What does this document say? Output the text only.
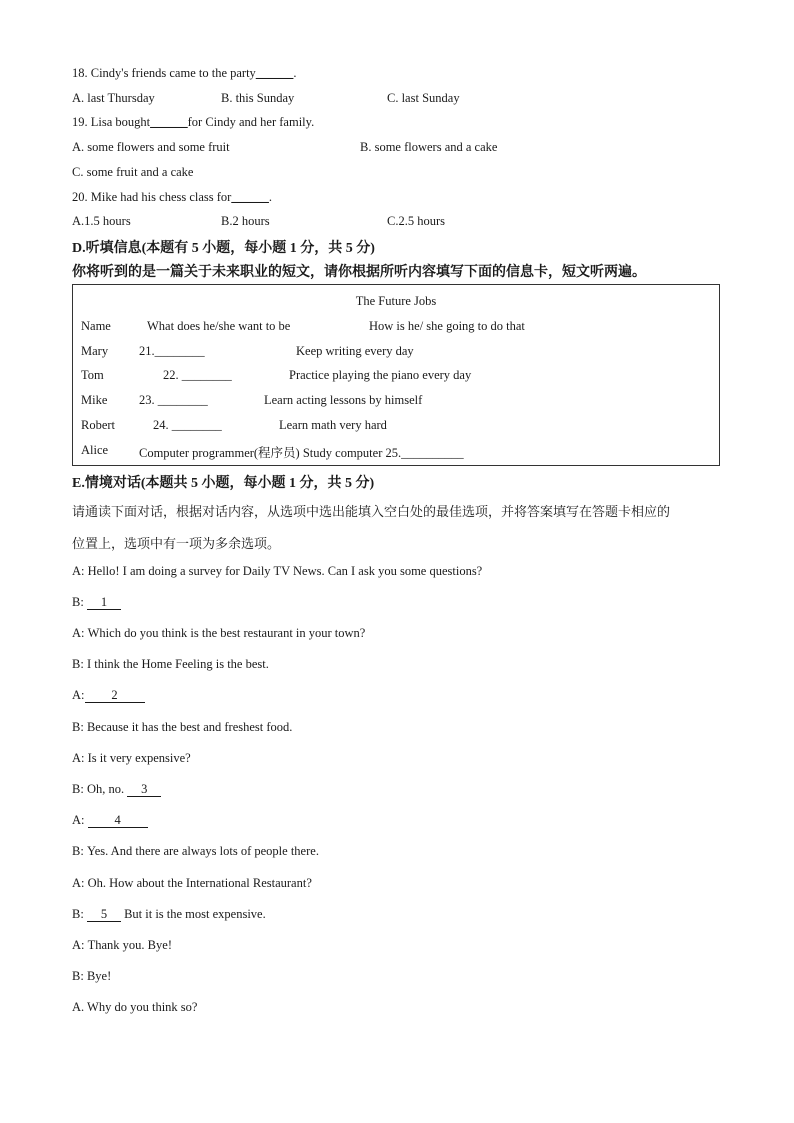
18. Cindy's friends came to the party______.
A. last Thursday	B. this Sunday	C. last Sunday
19. Lisa bought______for Cindy and her family.
A. some flowers and some fruit	B. some flowers and a cake
C. some fruit and a cake
20. Mike had his chess class for______.
A.1.5 hours	B.2 hours	C.2.5 hours
D.听填信息(本题有 5 小题，每小题 1 分，共 5 分)
你将听到的是一篇关于未来职业的短文，请你根据所听内容填写下面的信息卡，短文听两遍。
The Future Jobs
Name	What does he/she want to be	How is he/ she going to do that
Mary 21.________	Keep writing every day
Tom	22. ________	Practice playing the piano every day
Mike	23. ________	Learn acting lessons by himself
Robert	24. ________	Learn math very hard
Alice Computer programmer(程序员) Study computer 25.__________
E.情境对话(本题共 5 小题，每小题 1 分，共 5 分)
请通读下面对话，根据对话内容，从选项中选出能填入空白处的最佳选项，并将答案填写在答题卡相应的
位置上，选项中有一项为多余选项。
A: Hello! I am doing a survey for Daily TV News. Can I ask you some questions?
B: 1
A: Which do you think is the best restaurant in your town?
B: I think the Home Feeling is the best.
A: 2
B: Because it has the best and freshest food.
A: Is it very expensive?
B: Oh, no. 3
A: 4
B: Yes. And there are always lots of people there.
A: Oh. How about the International Restaurant?
B: 5 But it is the most expensive.
A: Thank you. Bye!
B: Bye!
A. Why do you think so?
